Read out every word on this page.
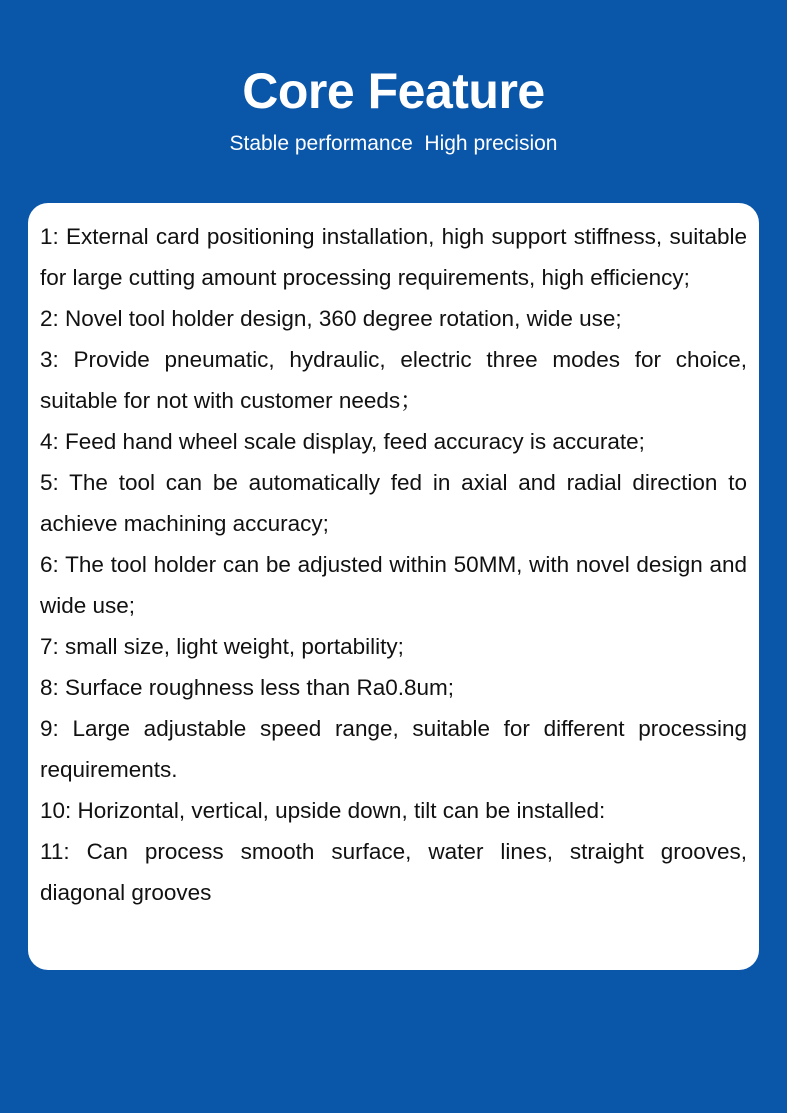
Core Feature

Stable performance  High precision

1: External card positioning installation, high support stiffness, suitable for large cutting amount processing requirements, high efficiency;
2: Novel tool holder design, 360 degree rotation, wide use;
3: Provide pneumatic, hydraulic, electric three modes for choice, suitable for not with customer needs；
4: Feed hand wheel scale display, feed accuracy is accurate;
5: The tool can be automatically fed in axial and radial direction to achieve machining accuracy;
6: The tool holder can be adjusted within 50MM, with novel design and wide use;
7: small size, light weight, portability;
8: Surface roughness less than Ra0.8um;
9: Large adjustable speed range, suitable for different processing requirements.
10: Horizontal, vertical, upside down, tilt can be installed:
11: Can process smooth surface, water lines, straight grooves, diagonal grooves
